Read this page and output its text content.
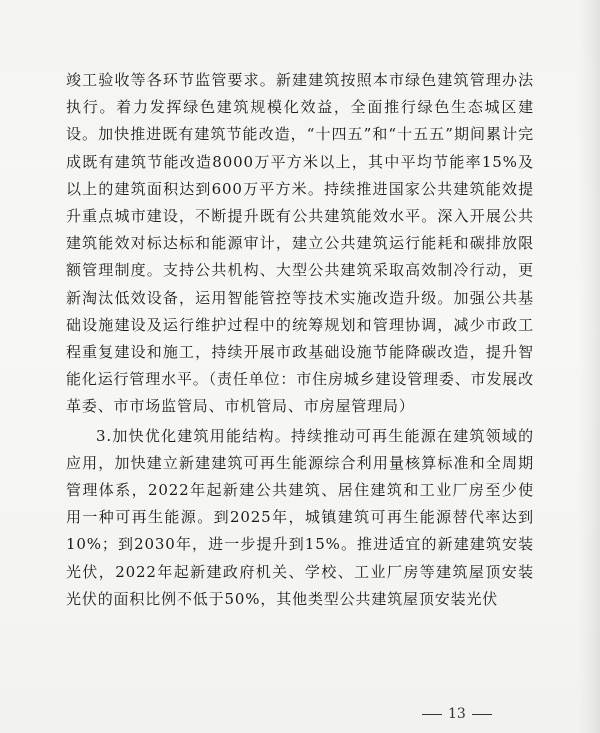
竣工验收等各环节监管要求。新建建筑按照本市绿色建筑管理办法执行。着力发挥绿色建筑规模化效益，全面推行绿色生态城区建设。加快推进既有建筑节能改造，“十四五”和“十五五”期间累计完成既有建筑节能改造8000万平方米以上，其中平均节能率15%及以上的建筑面积达到600万平方米。持续推进国家公共建筑能效提升重点城市建设，不断提升既有公共建筑能效水平。深入开展公共建筑能效对标达标和能源审计，建立公共建筑运行能耗和碳排放限额管理制度。支持公共机构、大型公共建筑采取高效制冷行动，更新淘汰低效设备，运用智能管控等技术实施改造升级。加强公共基础设施建设及运行维护过程中的统筹规划和管理协调，减少市政工程重复建设和施工，持续开展市政基础设施节能降碳改造，提升智能化运行管理水平。（责任单位：市住房城乡建设管理委、市发展改革委、市市场监管局、市机管局、市房屋管理局）

3.加快优化建筑用能结构。持续推动可再生能源在建筑领域的应用，加快建立新建建筑可再生能源综合利用量核算标准和全周期管理体系，2022年起新建公共建筑、居住建筑和工业厂房至少使用一种可再生能源。到2025年，城镇建筑可再生能源替代率达到10%；到2030年，进一步提升到15%。推进适宜的新建建筑安装光伏，2022年起新建政府机关、学校、工业厂房等建筑屋顶安装光伏的面积比例不低于50%，其他类型公共建筑屋顶安装光伏

13
